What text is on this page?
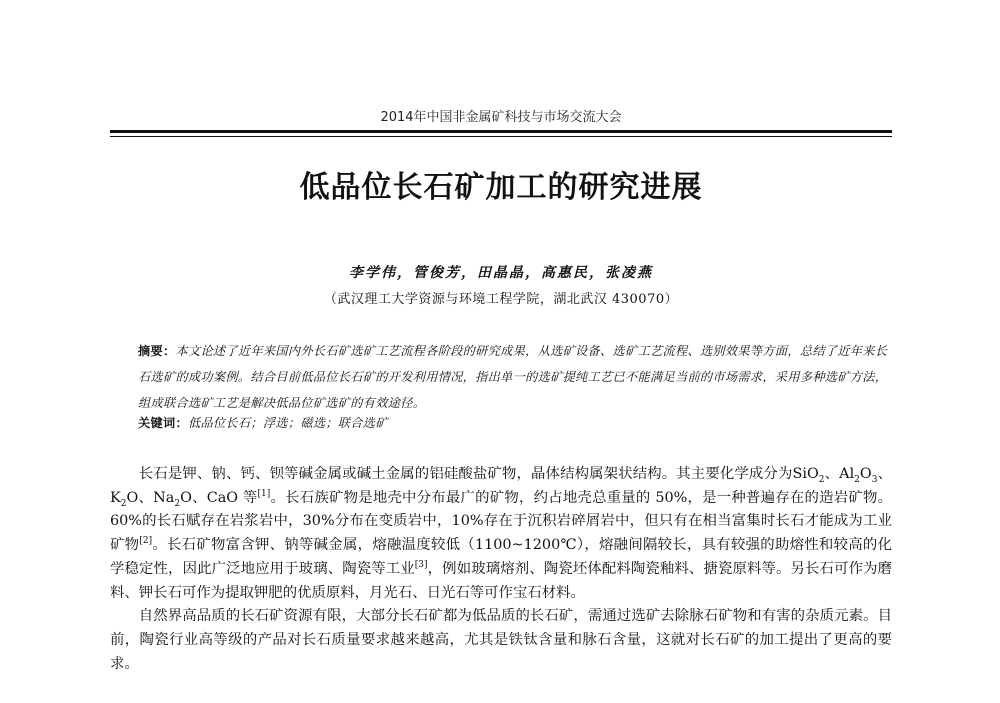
2014年中国非金属矿科技与市场交流大会
低品位长石矿加工的研究进展
李学伟，管俊芳，田晶晶，高惠民，张凌燕
（武汉理工大学资源与环境工程学院，湖北武汉 430070）
摘要：本文论述了近年来国内外长石矿选矿工艺流程各阶段的研究成果，从选矿设备、选矿工艺流程、选别效果等方面，总结了近年来长石选矿的成功案例。结合目前低品位长石矿的开发利用情况，指出单一的选矿提纯工艺已不能满足当前的市场需求，采用多种选矿方法，组成联合选矿工艺是解决低品位矿选矿的有效途径。
关键词：低品位长石；浮选；磁选；联合选矿

长石是钾、钠、钙、钡等碱金属或碱土金属的铝硅酸盐矿物，晶体结构属架状结构。其主要化学成分为SiO$_2$、$Al_2O_3$、$K_2O$、$Na_2O$、CaO 等[1]。长石族矿物是地壳中分布最广的矿物，约占地壳总重量的 50%，是一种普遍存在的造岩矿物。60%的长石赋存在岩浆岩中，30%分布在变质岩中，10%存在于沉积岩碎屑岩中，但只有在相当富集时长石才能成为工业矿物[2]。长石矿物富含钾、钠等碱金属，熔融温度较低（1100~1200℃），熔融间隔较长，具有较强的助熔性和较高的化学稳定性，因此广泛地应用于玻璃、陶瓷等工业[3]，例如玻璃熔剂、陶瓷坯体配料陶瓷釉料、搪瓷原料等。另长石可作为磨料、钾长石可作为提取钾肥的优质原料，月光石、日光石等可作宝石材料。

自然界高品质的长石矿资源有限，大部分长石矿都为低品质的长石矿，需通过选矿去除脉石矿物和有害的杂质元素。目前，陶瓷行业高等级的产品对长石质量要求越来越高，尤其是铁钛含量和脉石含量，这就对长石矿的加工提出了更高的要求。
